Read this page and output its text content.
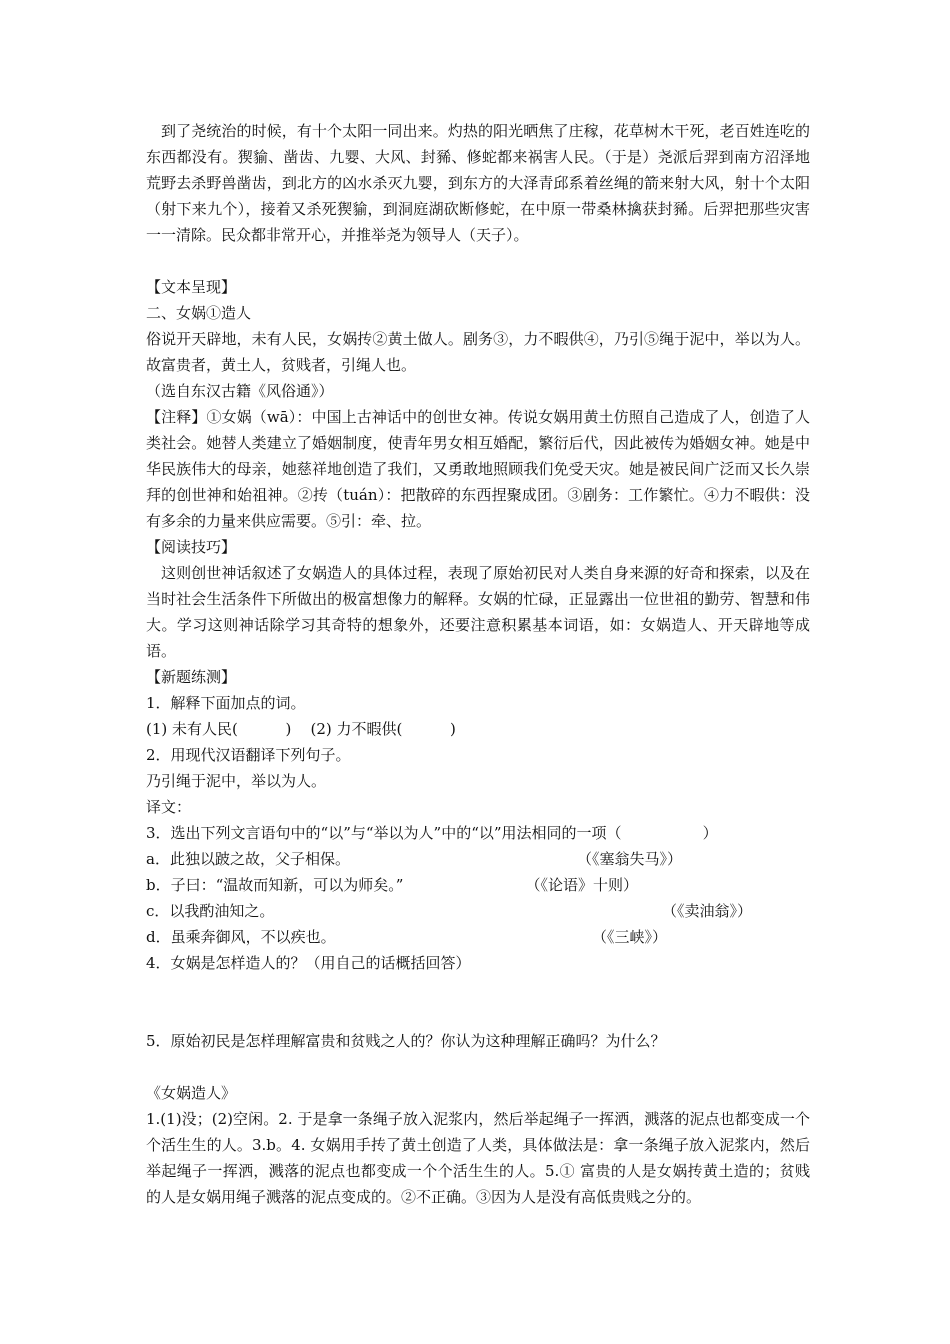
到了尧统治的时候，有十个太阳一同出来。灼热的阳光晒焦了庄稼，花草树木干死，老百姓连吃的东西都没有。猰貐、凿齿、九婴、大风、封豨、修蛇都来祸害人民。（于是）尧派后羿到南方沼泽地荒野去杀野兽凿齿，到北方的凶水杀灭九婴，到东方的大泽青邱系着丝绳的箭来射大风，射十个太阳（射下来九个），接着又杀死猰貐，到洞庭湖砍断修蛇，在中原一带桑林擒获封豨。后羿把那些灾害一一清除。民众都非常开心，并推举尧为领导人（天子）。

【文本呈现】

二、女娲①造人

俗说开天辟地，未有人民，女娲抟②黄土做人。剧务③，力不暇供④，乃引⑤绳于泥中，举以为人。故富贵者，黄土人，贫贱者，引绳人也。

（选自东汉古籍《风俗通》）

【注释】①女娲（wā）：中国上古神话中的创世女神。传说女娲用黄土仿照自己造成了人，创造了人类社会。她替人类建立了婚姻制度，使青年男女相互婚配，繁衍后代，因此被传为婚姻女神。她是中华民族伟大的母亲，她慈祥地创造了我们，又勇敢地照顾我们免受天灾。她是被民间广泛而又长久崇拜的创世神和始祖神。②抟（tuán）：把散碎的东西捏聚成团。③剧务：工作繁忙。④力不暇供：没有多余的力量来供应需要。⑤引：牵、拉。

【阅读技巧】

这则创世神话叙述了女娲造人的具体过程，表现了原始初民对人类自身来源的好奇和探索，以及在当时社会生活条件下所做出的极富想像力的解释。女娲的忙碌，正显露出一位世祖的勤劳、智慧和伟大。学习这则神话除学习其奇特的想象外，还要注意积累基本词语，如：女娲造人、开天辟地等成语。

【新题练测】

1．解释下面加点的词。

(1) 未有人民(          )    (2) 力不暇供(          )

2．用现代汉语翻译下列句子。

乃引绳于泥中，举以为人。

译文：

3．选出下列文言语句中的“以”与“举以为人”中的“以”用法相同的一项（                 ）

a．此独以跛之故，父子相保。	（《塞翁失马》）
b．子曰：“温故而知新，可以为师矣。”	（《论语》十则）
c．以我酌油知之。	（《卖油翁》）
d．虽乘奔御风，不以疾也。	（《三峡》）

4．女娲是怎样造人的？（用自己的话概括回答）

5．原始初民是怎样理解富贵和贫贱之人的？你认为这种理解正确吗？为什么？

《女娲造人》

1.(1)没；(2)空闲。2. 于是拿一条绳子放入泥浆内，然后举起绳子一挥洒，溅落的泥点也都变成一个个活生生的人。3.b。4. 女娲用手抟了黄土创造了人类，具体做法是：拿一条绳子放入泥浆内，然后举起绳子一挥洒，溅落的泥点也都变成一个个活生生的人。5.① 富贵的人是女娲抟黄土造的；贫贱的人是女娲用绳子溅落的泥点变成的。②不正确。③因为人是没有高低贵贱之分的。
